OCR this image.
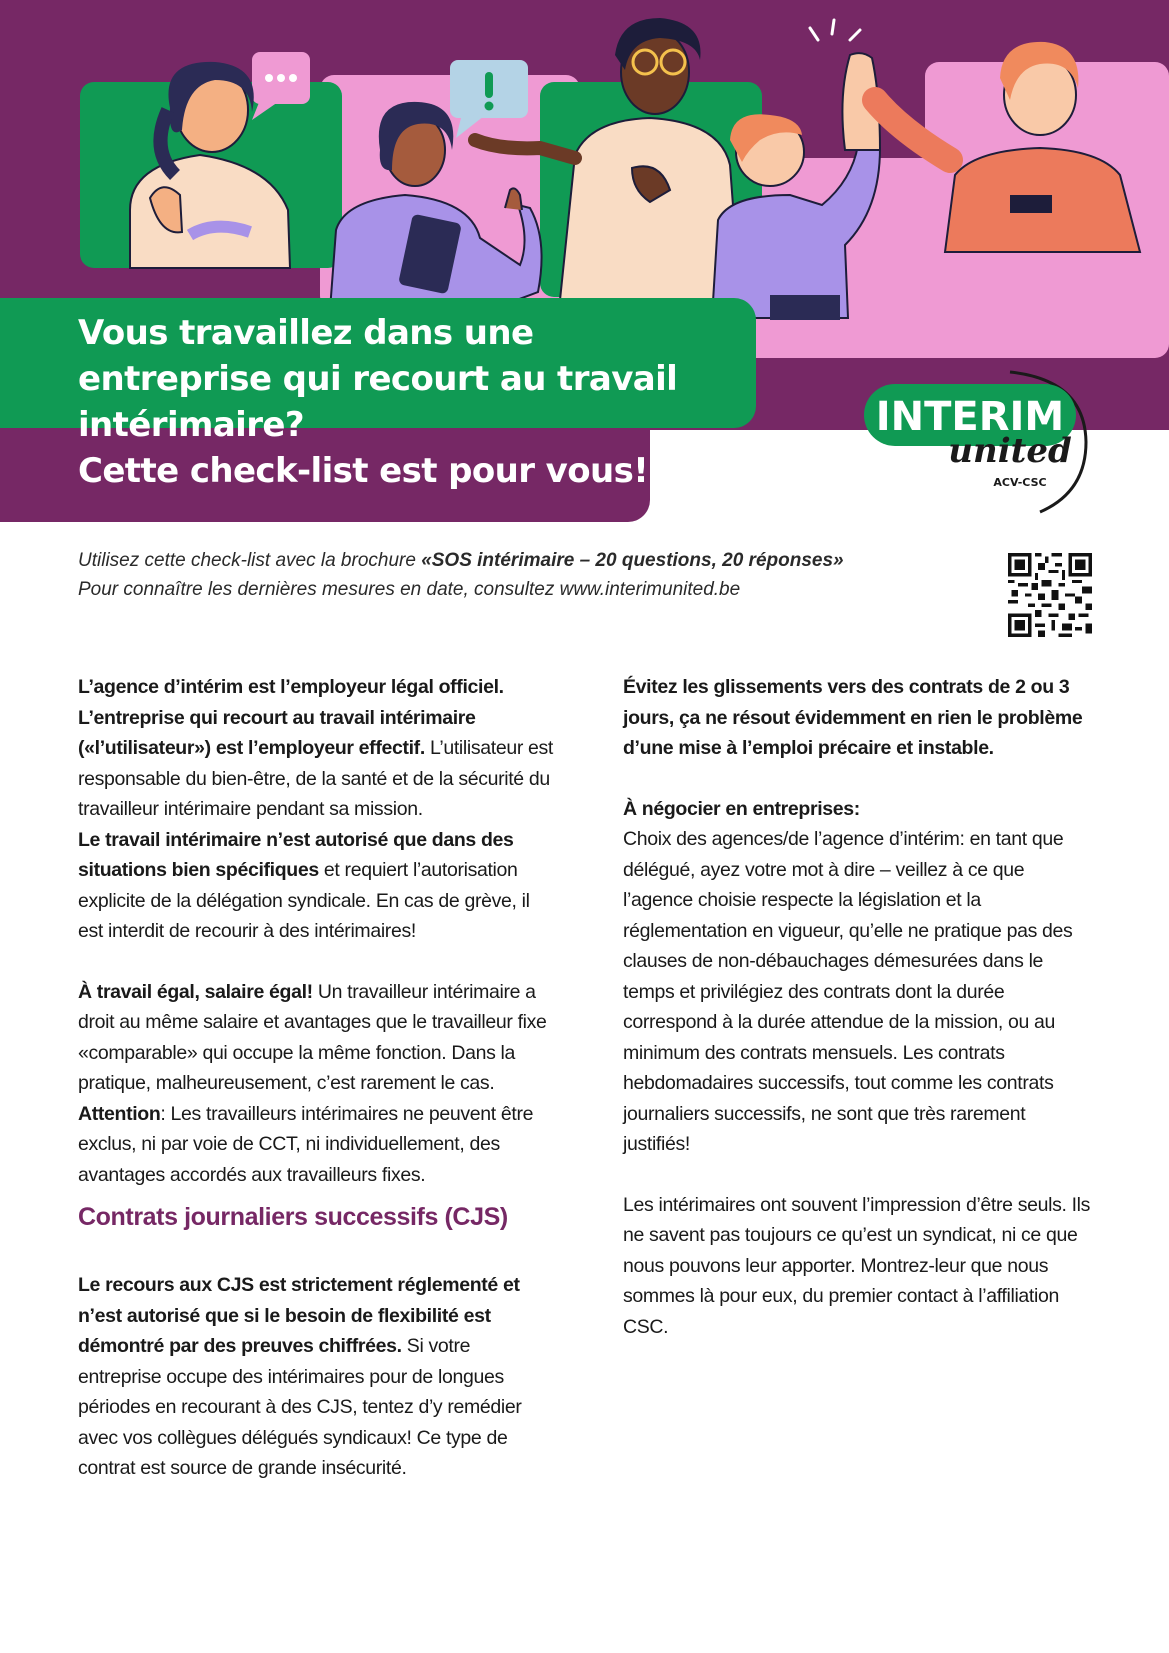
Vous travaillez dans une entreprise qui recourt au travail intérimaire?
Cette check-list est pour vous!
INTERIM
united
ACV-CSC
Utilisez cette check-list avec la brochure «SOS intérimaire – 20 questions, 20 réponses»
Pour connaître les dernières mesures en date, consultez www.interimunited.be

L’agence d’intérim est l’employeur légal officiel. L’entreprise qui recourt au travail intérimaire («l’utilisateur») est l’employeur effectif. L’utilisateur est responsable du bien-être, de la santé et de la sécurité du travailleur intérimaire pendant sa mission.

Le travail intérimaire n’est autorisé que dans des situations bien spécifiques et requiert l’autorisation explicite de la délégation syndicale. En cas de grève, il est interdit de recourir à des intérimaires!

À travail égal, salaire égal! Un travailleur intérimaire a droit au même salaire et avantages que le travailleur fixe «comparable» qui occupe la même fonction. Dans la pratique, malheureusement, c’est rarement le cas. Attention: Les travailleurs intérimaires ne peuvent être exclus, ni par voie de CCT, ni individuellement, des avantages accordés aux travailleurs fixes.

Contrats journaliers successifs (CJS)

Le recours aux CJS est strictement réglementé et n’est autorisé que si le besoin de flexibilité est démontré par des preuves chiffrées. Si votre entreprise occupe des intérimaires pour de longues périodes en recourant à des CJS, tentez d’y remédier avec vos collègues délégués syndicaux! Ce type de contrat est source de grande insécurité.

Évitez les glissements vers des contrats de 2 ou 3 jours, ça ne résout évidemment en rien le problème d’une mise à l’emploi précaire et instable.

À négocier en entreprises:
Choix des agences/de l’agence d’intérim: en tant que délégué, ayez votre mot à dire – veillez à ce que l’agence choisie respecte la législation et la réglementation en vigueur, qu’elle ne pratique pas des clauses de non-débauchages démesurées dans le temps et privilégiez des contrats dont la durée correspond à la durée attendue de la mission, ou au minimum des contrats mensuels. Les contrats hebdomadaires successifs, tout comme les contrats journaliers successifs, ne sont que très rarement justifiés!

Les intérimaires ont souvent l’impression d’être seuls. Ils ne savent pas toujours ce qu’est un syndicat, ni ce que nous pouvons leur apporter. Montrez-leur que nous sommes là pour eux, du premier contact à l’affiliation CSC.
